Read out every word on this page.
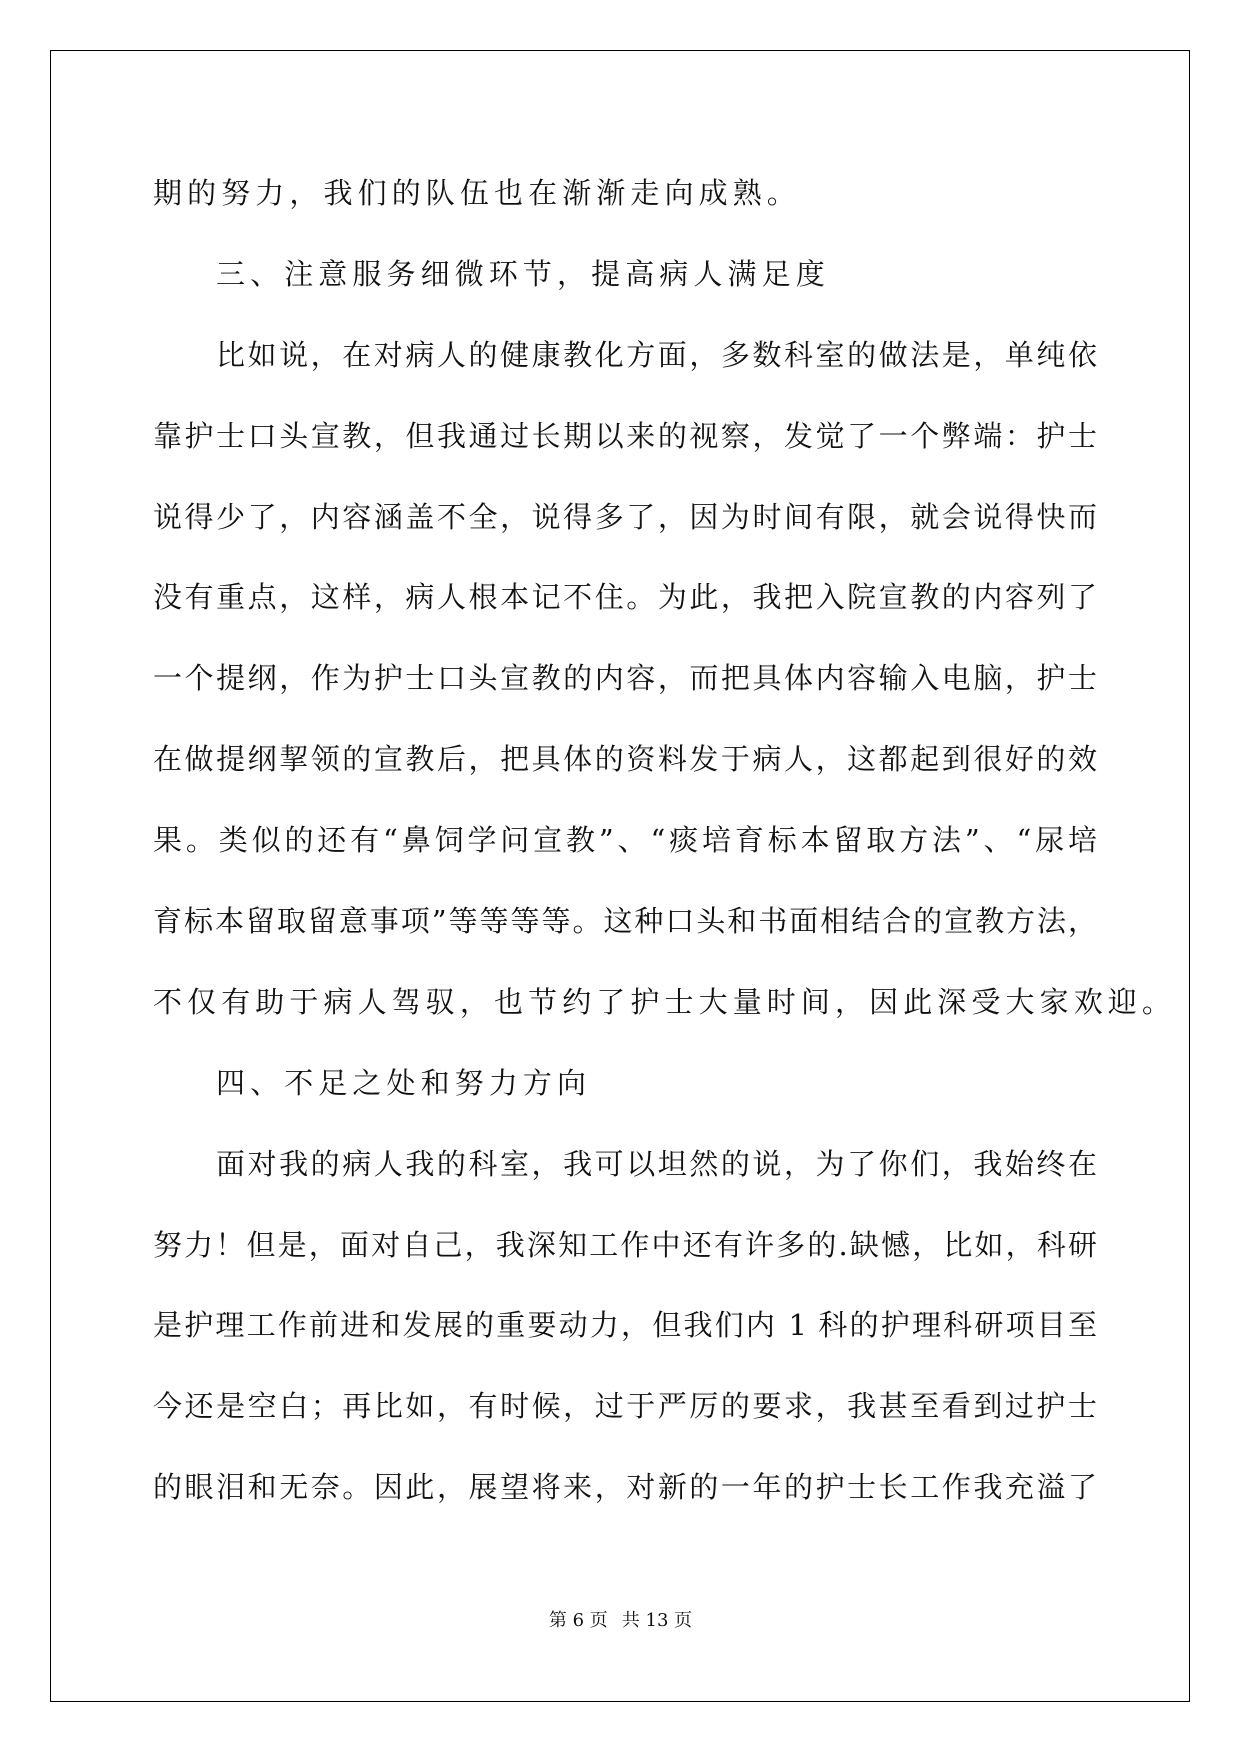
期的努力，我们的队伍也在渐渐走向成熟。
三、注意服务细微环节，提高病人满足度
比如说，在对病人的健康教化方面，多数科室的做法是，单纯依
靠护士口头宣教，但我通过长期以来的视察，发觉了一个弊端：护士
说得少了，内容涵盖不全，说得多了，因为时间有限，就会说得快而
没有重点，这样，病人根本记不住。为此，我把入院宣教的内容列了
一个提纲，作为护士口头宣教的内容，而把具体内容输入电脑，护士
在做提纲挈领的宣教后，把具体的资料发于病人，这都起到很好的效
果。类似的还有“鼻饲学问宣教”、“痰培育标本留取方法”、“尿培
育标本留取留意事项”等等等等。这种口头和书面相结合的宣教方法，
不仅有助于病人驾驭，也节约了护士大量时间，因此深受大家欢迎。
四、不足之处和努力方向
面对我的病人我的科室，我可以坦然的说，为了你们，我始终在
努力！但是，面对自己，我深知工作中还有许多的.缺憾，比如，科研
是护理工作前进和发展的重要动力，但我们内 1 科的护理科研项目至
今还是空白；再比如，有时候，过于严厉的要求，我甚至看到过护士
的眼泪和无奈。因此，展望将来，对新的一年的护士长工作我充溢了
第 6 页 共 13 页
